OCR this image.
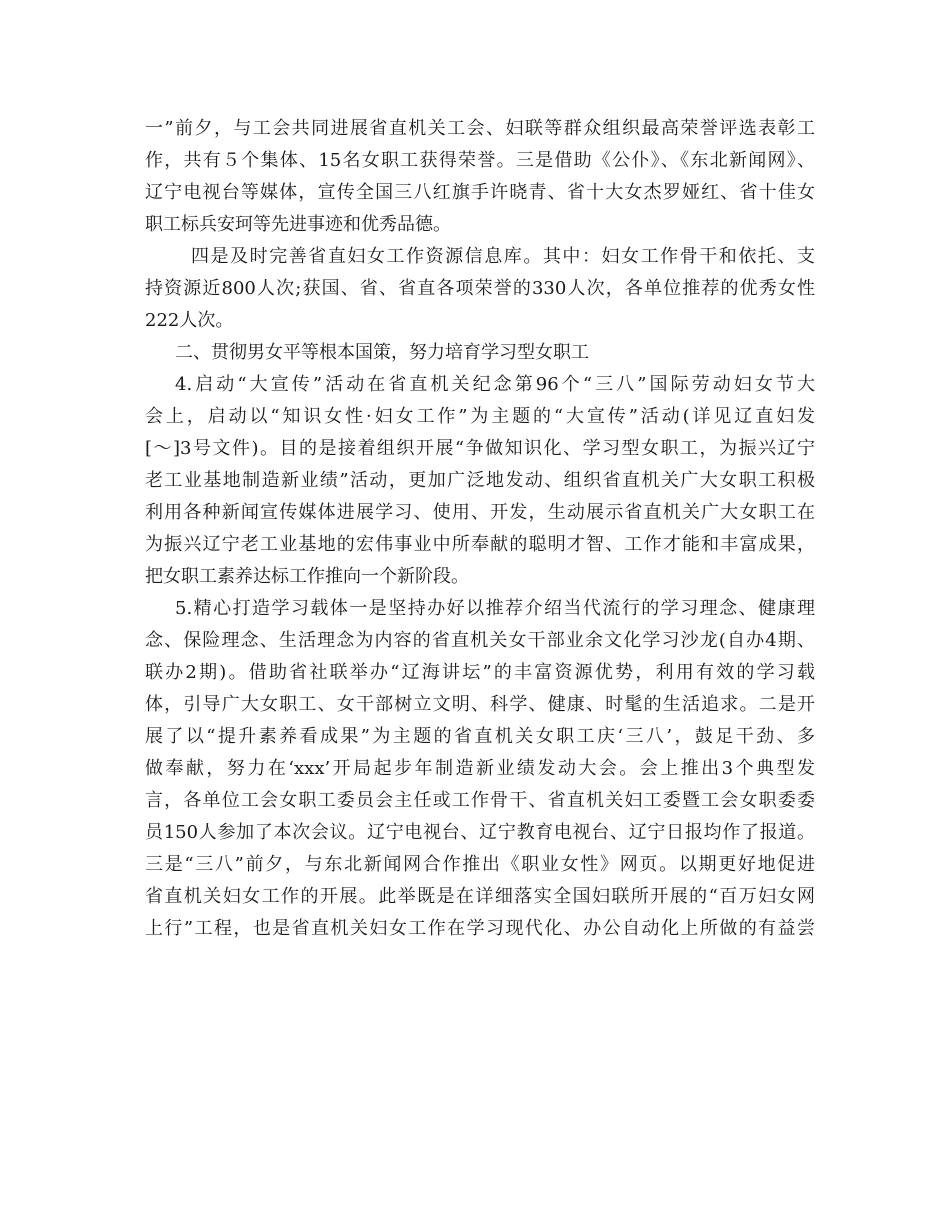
一”前夕，与工会共同进展省直机关工会、妇联等群众组织最高荣誉评选表彰工
作，共有５个集体、15名女职工获得荣誉。三是借助《公仆》、《东北新闻网》、
辽宁电视台等媒体，宣传全国三八红旗手许晓青、省十大女杰罗娅红、省十佳女
职工标兵安珂等先进事迹和优秀品德。
四是及时完善省直妇女工作资源信息库。其中：妇女工作骨干和依托、支
持资源近800人次;获国、省、省直各项荣誉的330人次，各单位推荐的优秀女性
222人次。
二、贯彻男女平等根本国策，努力培育学习型女职工
4.启动“大宣传”活动在省直机关纪念第96个“三八”国际劳动妇女节大
会上，启动以“知识女性·妇女工作”为主题的“大宣传”活动(详见辽直妇发
[～]3号文件)。目的是接着组织开展“争做知识化、学习型女职工，为振兴辽宁
老工业基地制造新业绩”活动，更加广泛地发动、组织省直机关广大女职工积极
利用各种新闻宣传媒体进展学习、使用、开发，生动展示省直机关广大女职工在
为振兴辽宁老工业基地的宏伟事业中所奉献的聪明才智、工作才能和丰富成果，
把女职工素养达标工作推向一个新阶段。
5.精心打造学习载体一是坚持办好以推荐介绍当代流行的学习理念、健康理
念、保险理念、生活理念为内容的省直机关女干部业余文化学习沙龙(自办4期、
联办2期)。借助省社联举办“辽海讲坛”的丰富资源优势，利用有效的学习载
体，引导广大女职工、女干部树立文明、科学、健康、时髦的生活追求。二是开
展了以“提升素养看成果”为主题的省直机关女职工庆‘三八’，鼓足干劲、多
做奉献，努力在‘xxx’开局起步年制造新业绩发动大会。会上推出3个典型发
言，各单位工会女职工委员会主任或工作骨干、省直机关妇工委暨工会女职委委
员150人参加了本次会议。辽宁电视台、辽宁教育电视台、辽宁日报均作了报道。
三是“三八”前夕，与东北新闻网合作推出《职业女性》网页。以期更好地促进
省直机关妇女工作的开展。此举既是在详细落实全国妇联所开展的“百万妇女网
上行”工程，也是省直机关妇女工作在学习现代化、办公自动化上所做的有益尝
